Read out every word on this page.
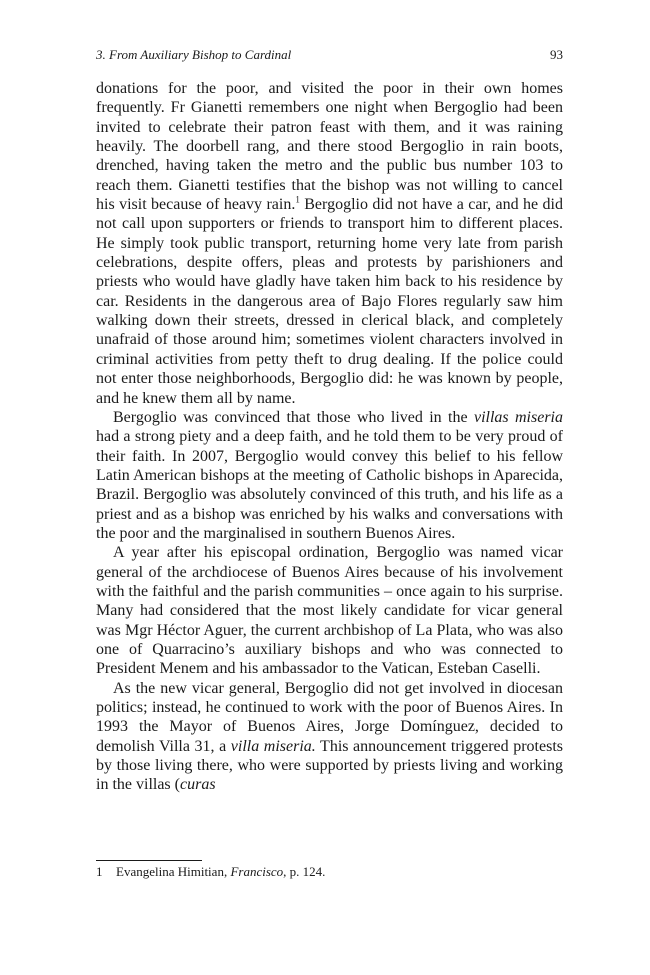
3. From Auxiliary Bishop to Cardinal	93

donations for the poor, and visited the poor in their own homes frequently. Fr Gianetti remembers one night when Bergoglio had been invited to celebrate their patron feast with them, and it was raining heavily. The doorbell rang, and there stood Bergoglio in rain boots, drenched, having taken the metro and the public bus number 103 to reach them. Gianetti testifies that the bishop was not willing to cancel his visit because of heavy rain.$^1$ Bergoglio did not have a car, and he did not call upon supporters or friends to transport him to different places. He simply took public transport, returning home very late from parish celebrations, despite offers, pleas and protests by parishioners and priests who would have gladly have taken him back to his residence by car. Residents in the dangerous area of Bajo Flores regularly saw him walking down their streets, dressed in clerical black, and completely unafraid of those around him; sometimes violent characters involved in criminal activities from petty theft to drug dealing. If the police could not enter those neighborhoods, Bergoglio did: he was known by people, and he knew them all by name.

Bergoglio was convinced that those who lived in the villas miseria had a strong piety and a deep faith, and he told them to be very proud of their faith. In 2007, Bergoglio would convey this belief to his fellow Latin American bishops at the meeting of Catholic bishops in Aparecida, Brazil. Bergoglio was absolutely convinced of this truth, and his life as a priest and as a bishop was enriched by his walks and conversations with the poor and the marginalised in southern Buenos Aires.

A year after his episcopal ordination, Bergoglio was named vicar general of the archdiocese of Buenos Aires because of his involvement with the faithful and the parish communities – once again to his surprise. Many had considered that the most likely candidate for vicar general was Mgr Héctor Aguer, the current archbishop of La Plata, who was also one of Quarracino’s auxiliary bishops and who was connected to President Menem and his ambassador to the Vatican, Esteban Caselli.

As the new vicar general, Bergoglio did not get involved in diocesan politics; instead, he continued to work with the poor of Buenos Aires. In 1993 the Mayor of Buenos Aires, Jorge Domínguez, decided to demolish Villa 31, a villa miseria. This announcement triggered protests by those living there, who were supported by priests living and working in the villas (curas

1 Evangelina Himitian, Francisco, p. 124.
